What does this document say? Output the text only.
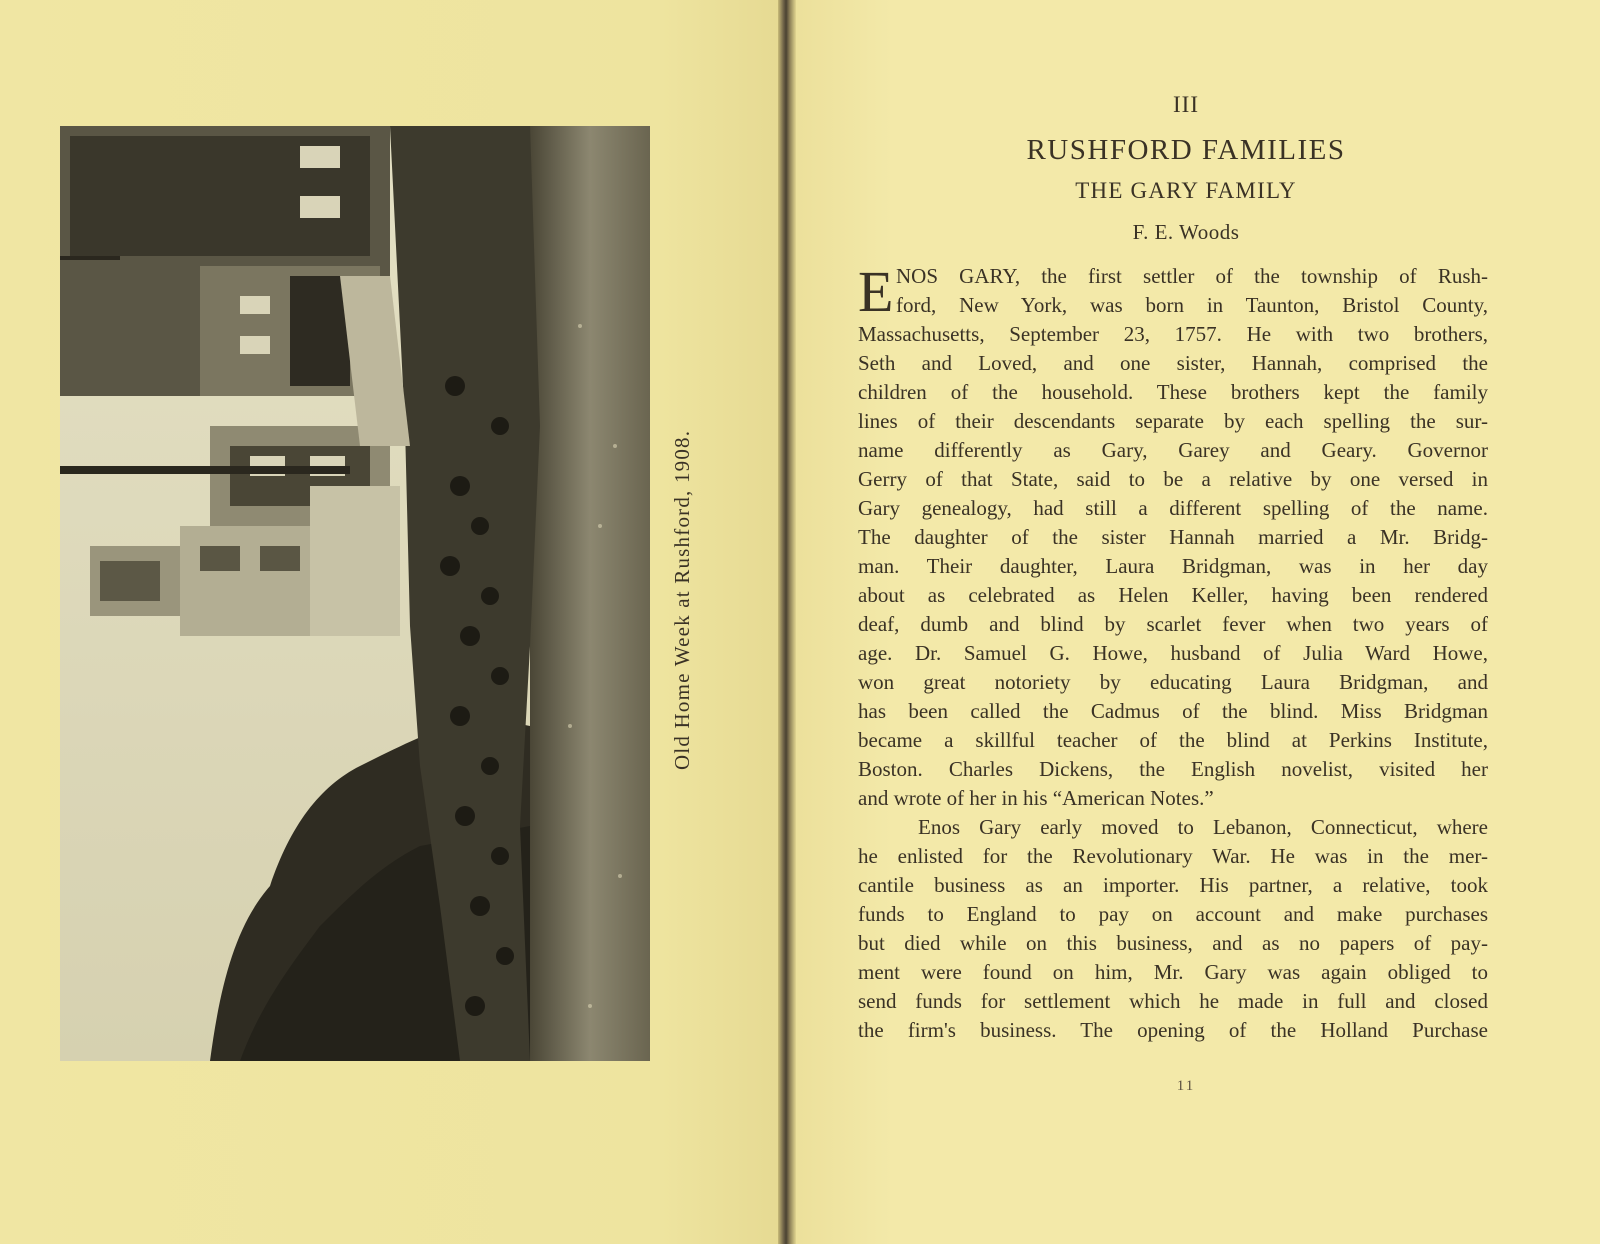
Old Home Week at Rushford, 1908.
III
RUSHFORD FAMILIES
THE GARY FAMILY
F. E. Woods
E NOS GARY, the first settler of the township of Rush-
ford, New York, was born in Taunton, Bristol County,
Massachusetts, September 23, 1757. He with two brothers,
Seth and Loved, and one sister, Hannah, comprised the
children of the household. These brothers kept the family
lines of their descendants separate by each spelling the sur-
name differently as Gary, Garey and Geary. Governor
Gerry of that State, said to be a relative by one versed in
Gary genealogy, had still a different spelling of the name.
The daughter of the sister Hannah married a Mr. Bridg-
man. Their daughter, Laura Bridgman, was in her day
about as celebrated as Helen Keller, having been rendered
deaf, dumb and blind by scarlet fever when two years of
age. Dr. Samuel G. Howe, husband of Julia Ward Howe,
won great notoriety by educating Laura Bridgman, and
has been called the Cadmus of the blind. Miss Bridgman
became a skillful teacher of the blind at Perkins Institute,
Boston. Charles Dickens, the English novelist, visited her
and wrote of her in his “American Notes.”
Enos Gary early moved to Lebanon, Connecticut, where
he enlisted for the Revolutionary War. He was in the mer-
cantile business as an importer. His partner, a relative, took
funds to England to pay on account and make purchases
but died while on this business, and as no papers of pay-
ment were found on him, Mr. Gary was again obliged to
send funds for settlement which he made in full and closed
the firm's business. The opening of the Holland Purchase
11
